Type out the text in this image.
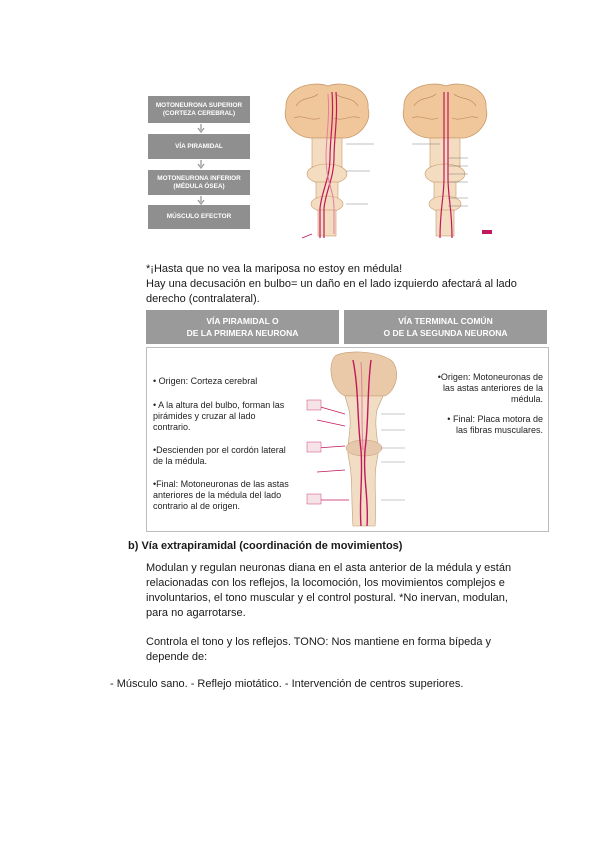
MOTONEURONA SUPERIOR (CORTEZA CEREBRAL)
VÍA PIRAMIDAL
MOTONEURONA INFERIOR (MÉDULA ÓSEA)
MÚSCULO EFECTOR
*¡Hasta que no vea la mariposa no estoy en médula!
Hay una decusación en bulbo= un daño en el lado izquierdo afectará al lado
derecho (contralateral).
VÍA PIRAMIDAL O
DE LA PRIMERA NEURONA
VÍA TERMINAL COMÚN
O DE LA SEGUNDA NEURONA
• Origen: Corteza cerebral
• A la altura del bulbo, forman las pirámides y cruzar al lado contrario.
•Descienden por el cordón lateral de la médula.
•Final: Motoneuronas de las astas anteriores de la médula del lado contrario al de origen.
•Origen: Motoneuronas de las astas anteriores de la médula.
• Final: Placa motora de las fibras musculares.
b) Vía extrapiramidal (coordinación de movimientos)
Modulan y regulan neuronas diana en el asta anterior de la médula y están relacionadas con los reflejos, la locomoción, los movimientos complejos e involuntarios, el tono muscular y el control postural. *No inervan, modulan, para no agarrotarse.
Controla el tono y los reflejos. TONO: Nos mantiene en forma bípeda y depende de:
- Músculo sano. - Reflejo miotático. - Intervención de centros superiores.
